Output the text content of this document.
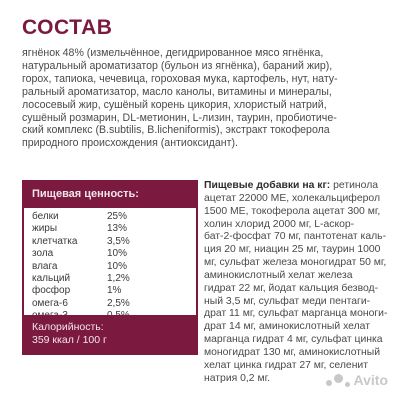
СОСТАВ

ягнёнок 48% (измельчённое, дегидрированное мясо ягнёнка,

натуральный ароматизатор (бульон из ягнёнка), бараний жир),

горох, тапиока, чечевица, гороховая мука, картофель, нут, нату-

ральный ароматизатор, масло канолы, витамины и минералы,

лососевый жир, сушёный корень цикория, хлористый натрий,

сушёный розмарин, DL-метионин, L-лизин, таурин, пробиотиче-

ский комплекс (B.subtilis, B.licheniformis), экстракт токоферола

природного происхождения (антиоксидант).

Пищевая ценность:
белки	25%
жиры	13%
клетчатка	3,5%
зола	10%
влага	10%
кальций	1,2%
фосфор	1%
омега-6	2,5%
Калорийность:
359 ккал / 100 г

Пищевые добавки на кг: ретинола

ацетат 22000 МЕ, холекальциферол

1500 МЕ, токоферола ацетат 300 мг,

холин хлорид 2000 мг, L-аскор-

бат-2-фосфат 70 мг, пантотенат каль-

ция 20 мг, ниацин 25 мг, таурин 1000

мг, сульфат железа моногидрат 50 мг,

аминокислотный хелат железа

гидрат 22 мг, йодат кальция безвод-

ный 3,5 мг, сульфат меди пентаги-

драт 11 мг, сульфат марганца моноги-

драт 14 мг, аминокислотный хелат

марганца гидрат 4 мг, сульфат цинка

моногидрат 130 мг, аминокислотный

хелат цинка гидрат 27 мг, селенит

натрия 0,2 мг.	Avito
